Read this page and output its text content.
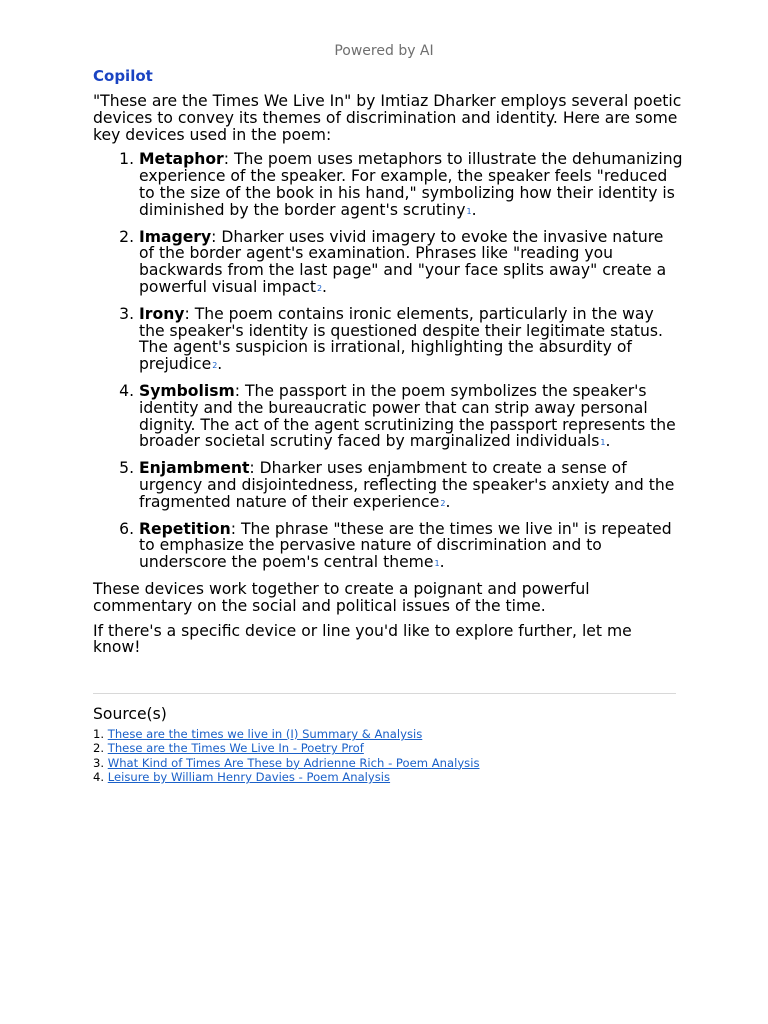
Powered by AI
Copilot

"These are the Times We Live In" by Imtiaz Dharker employs several poetic devices to convey its themes of discrimination and identity. Here are some key devices used in the poem:

1. Metaphor: The poem uses metaphors to illustrate the dehumanizing experience of the speaker. For example, the speaker feels "reduced to the size of the book in his hand," symbolizing how their identity is diminished by the border agent's scrutiny$^1$.
2. Imagery: Dharker uses vivid imagery to evoke the invasive nature of the border agent's examination. Phrases like "reading you backwards from the last page" and "your face splits away" create a powerful visual impact$^2$.
3. Irony: The poem contains ironic elements, particularly in the way the speaker's identity is questioned despite their legitimate status. The agent's suspicion is irrational, highlighting the absurdity of prejudice$^2$.
4. Symbolism: The passport in the poem symbolizes the speaker's identity and the bureaucratic power that can strip away personal dignity. The act of the agent scrutinizing the passport represents the broader societal scrutiny faced by marginalized individuals$^1$.
5. Enjambment: Dharker uses enjambment to create a sense of urgency and disjointedness, reflecting the speaker's anxiety and the fragmented nature of their experience$^2$.
6. Repetition: The phrase "these are the times we live in" is repeated to emphasize the pervasive nature of discrimination and to underscore the poem's central theme$^1$.

These devices work together to create a poignant and powerful commentary on the social and political issues of the time.

If there's a specific device or line you'd like to explore further, let me know!

Source(s)
1. These are the times we live in (I) Summary & Analysis
2. These are the Times We Live In - Poetry Prof
3. What Kind of Times Are These by Adrienne Rich - Poem Analysis
4. Leisure by William Henry Davies - Poem Analysis
